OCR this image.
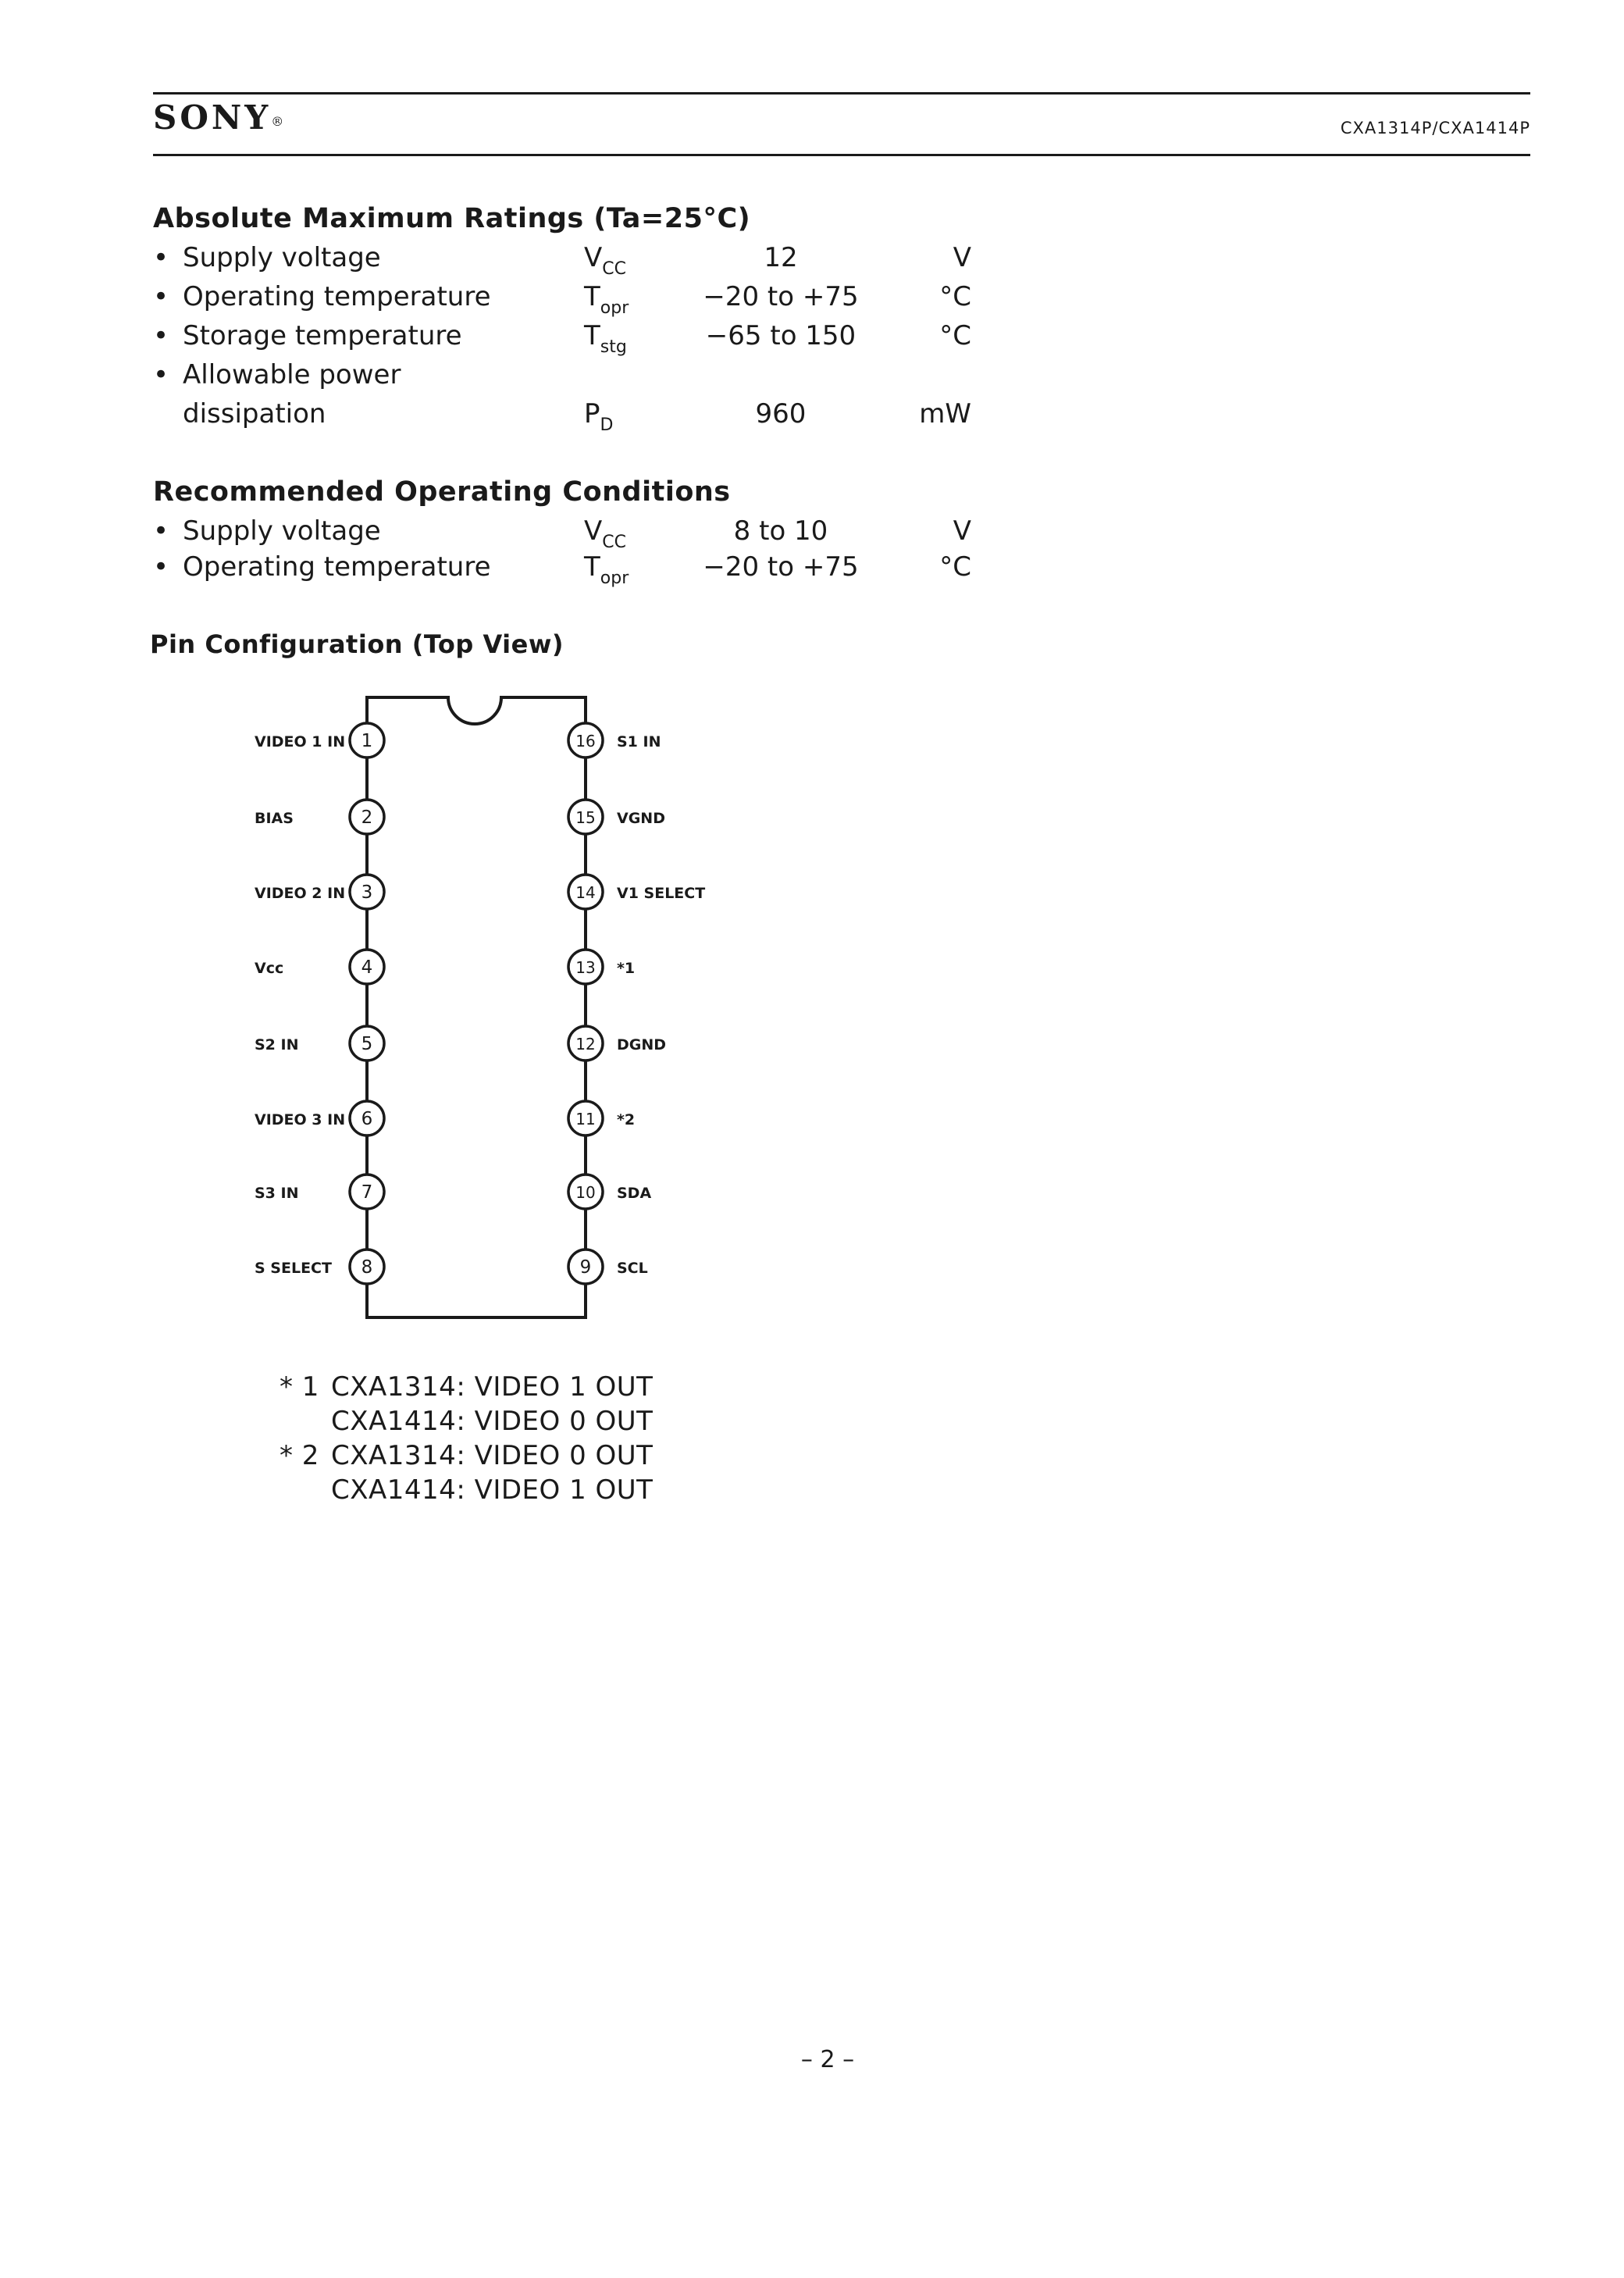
SONY®	CXA1314P/CXA1414P
Absolute Maximum Ratings (Ta=25°C)
• Supply voltage	$V_{CC}$	12	V
• Operating temperature	$T_{opr}$	−20 to +75	°C
• Storage temperature	$T_{stg}$	−65 to 150	°C
• Allowable power
dissipation	$P_D$	960	mW
Recommended Operating Conditions
• Supply voltage	$V_{CC}$	8 to 10	V
• Operating temperature	$T_{opr}$	−20 to +75	°C
Pin Configuration (Top View)
1
VIDEO 1 IN
2
BIAS
3
VIDEO 2 IN
4
Vcc
5
S2 IN
6
VIDEO 3 IN
7
S3 IN
8
S SELECT
16 S1 IN
15 VGND
14 V1 SELECT
13 *1
12 DGND
11 *2
10 SDA
9 SCL
* 1 CXA1314: VIDEO 1 OUT
CXA1414: VIDEO 0 OUT
* 2 CXA1314: VIDEO 0 OUT
CXA1414: VIDEO 1 OUT
– 2 –
